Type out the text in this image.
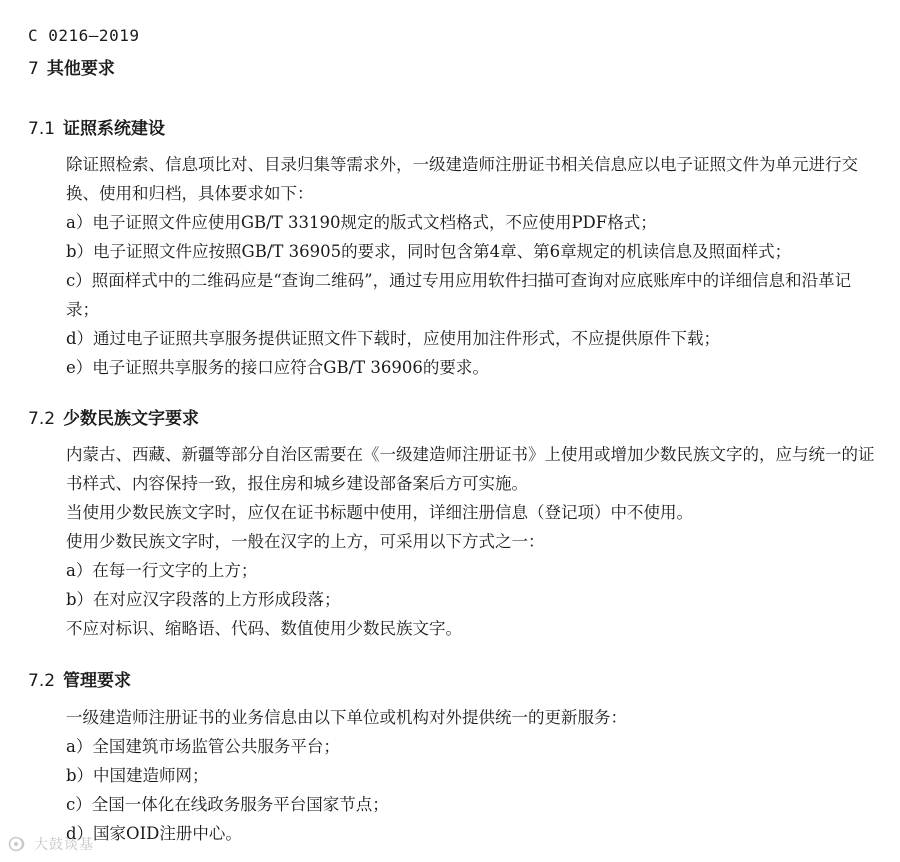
C 0216—2019
7 其他要求
7.1 证照系统建设
除证照检索、信息项比对、目录归集等需求外，一级建造师注册证书相关信息应以电子证照文件为单元进行交换、使用和归档，具体要求如下：
a）电子证照文件应使用GB/T 33190规定的版式文档格式，不应使用PDF格式；
b）电子证照文件应按照GB/T 36905的要求，同时包含第4章、第6章规定的机读信息及照面样式；
c）照面样式中的二维码应是“查询二维码”，通过专用应用软件扫描可查询对应底账库中的详细信息和沿革记录；
d）通过电子证照共享服务提供证照文件下载时，应使用加注件形式，不应提供原件下载；
e）电子证照共享服务的接口应符合GB/T 36906的要求。
7.2 少数民族文字要求
内蒙古、西藏、新疆等部分自治区需要在《一级建造师注册证书》上使用或增加少数民族文字的，应与统一的证书样式、内容保持一致，报住房和城乡建设部备案后方可实施。
当使用少数民族文字时，应仅在证书标题中使用，详细注册信息（登记项）中不使用。
使用少数民族文字时，一般在汉字的上方，可采用以下方式之一：
a）在每一行文字的上方；
b）在对应汉字段落的上方形成段落；
不应对标识、缩略语、代码、数值使用少数民族文字。
7.2 管理要求
一级建造师注册证书的业务信息由以下单位或机构对外提供统一的更新服务：
a）全国建筑市场监管公共服务平台；
b）中国建造师网；
c）全国一体化在线政务服务平台国家节点；
d）国家OID注册中心。
大鼓谈基
